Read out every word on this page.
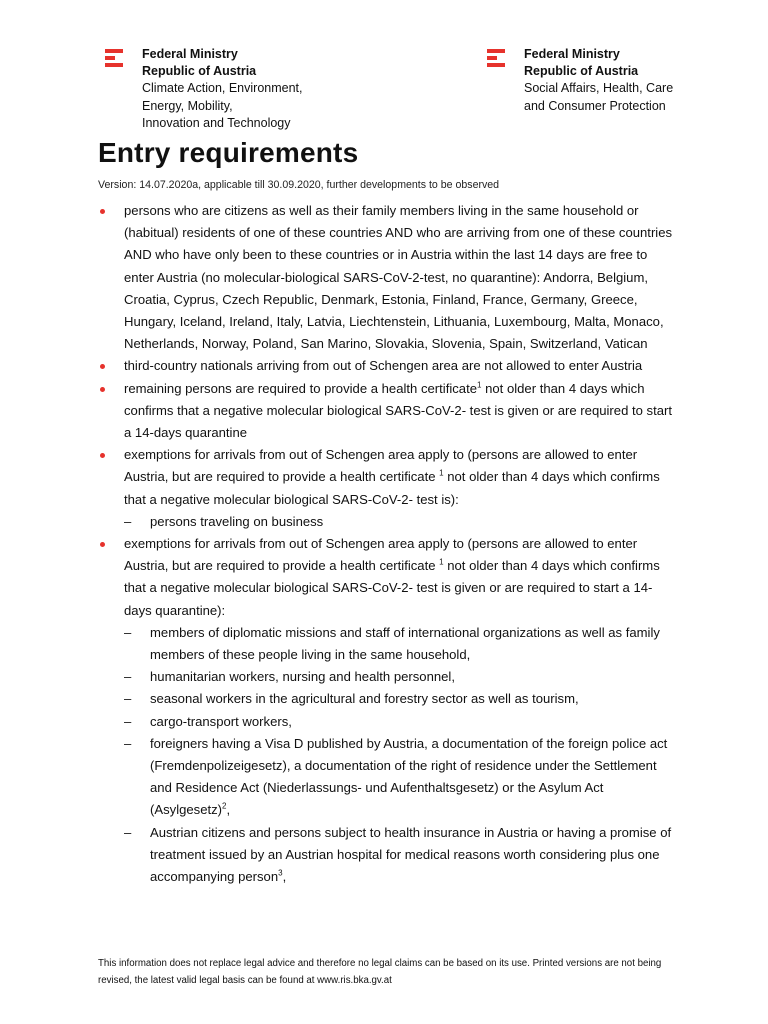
Federal Ministry
Republic of Austria
Climate Action, Environment,
Energy, Mobility,
Innovation and Technology
Federal Ministry
Republic of Austria
Social Affairs, Health, Care
and Consumer Protection
Entry requirements
Version: 14.07.2020a, applicable till 30.09.2020, further developments to be observed
persons who are citizens as well as their family members living in the same household or (habitual) residents of one of these countries AND who are arriving from one of these countries AND who have only been to these countries or in Austria within the last 14 days are free to enter Austria (no molecular-biological SARS-CoV-2-test, no quarantine): Andorra, Belgium, Croatia, Cyprus, Czech Republic, Denmark, Estonia, Finland, France, Germany, Greece, Hungary, Iceland, Ireland, Italy, Latvia, Liechtenstein, Lithuania, Luxembourg, Malta, Monaco, Netherlands, Norway, Poland, San Marino, Slovakia, Slovenia, Spain, Switzerland, Vatican
third-country nationals arriving from out of Schengen area are not allowed to enter Austria
remaining persons are required to provide a health certificate$^1$ not older than 4 days which confirms that a negative molecular biological SARS-CoV-2- test is given or are required to start a 14-days quarantine
exemptions for arrivals from out of Schengen area apply to (persons are allowed to enter Austria, but are required to provide a health certificate $^1$ not older than 4 days which confirms that a negative molecular biological SARS-CoV-2- test is):
– persons traveling on business
exemptions for arrivals from out of Schengen area apply to (persons are allowed to enter Austria, but are required to provide a health certificate $^1$ not older than 4 days which confirms that a negative molecular biological SARS-CoV-2- test is given or are required to start a 14-days quarantine):
– members of diplomatic missions and staff of international organizations as well as family members of these people living in the same household,
– humanitarian workers, nursing and health personnel,
– seasonal workers in the agricultural and forestry sector as well as tourism,
– cargo-transport workers,
– foreigners having a Visa D published by Austria, a documentation of the foreign police act (Fremdenpolizeigesetz), a documentation of the right of residence under the Settlement and Residence Act (Niederlassungs- und Aufenthaltsgesetz) or the Asylum Act (Asylgesetz)$^2$,
– Austrian citizens and persons subject to health insurance in Austria or having a promise of treatment issued by an Austrian hospital for medical reasons worth considering plus one accompanying person$^3$,
This information does not replace legal advice and therefore no legal claims can be based on its use. Printed versions are not being revised, the latest valid legal basis can be found at www.ris.bka.gv.at
